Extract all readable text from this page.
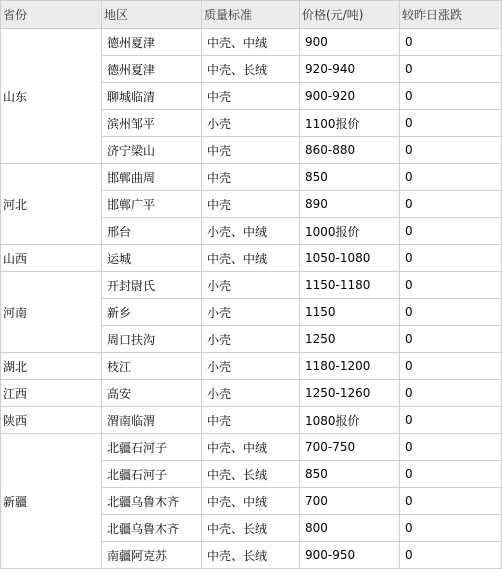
省份	地区	质量标准	价格(元/吨)	较昨日涨跌
山东	德州夏津	中壳、中绒	900	0
	德州夏津	中壳、长绒	920-940	0
	聊城临清	中壳	900-920	0
	滨州邹平	小壳	1100报价	0
	济宁梁山	中壳	860-880	0
河北	邯郸曲周	中壳	850	0
	邯郸广平	中壳	890	0
	邢台	小壳、中绒	1000报价	0
山西	运城	中壳、中绒	1050-1080	0
河南	开封尉氏	小壳	1150-1180	0
	新乡	小壳	1150	0
	周口扶沟	小壳	1250	0
湖北	枝江	小壳	1180-1200	0
江西	高安	小壳	1250-1260	0
陕西	渭南临渭	中壳	1080报价	0
新疆	北疆石河子	中壳、中绒	700-750	0
	北疆石河子	中壳、长绒	850	0
	北疆乌鲁木齐	中壳、中绒	700	0
	北疆乌鲁木齐	中壳、长绒	800	0
	南疆阿克苏	中壳、长绒	900-950	0
